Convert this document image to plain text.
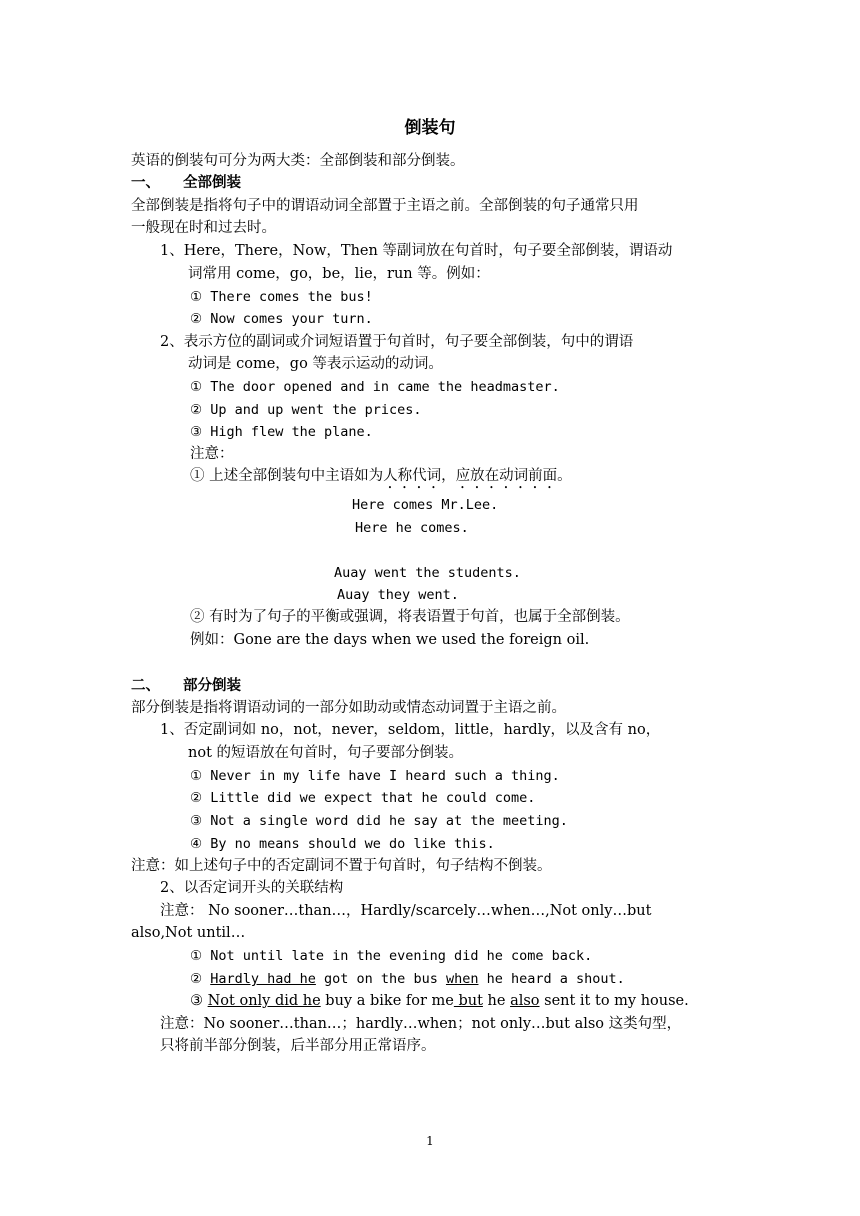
倒装句
英语的倒装句可分为两大类：全部倒装和部分倒装。
一、 全部倒装
全部倒装是指将句子中的谓语动词全部置于主语之前。全部倒装的句子通常只用
一般现在时和过去时。
1、Here，There，Now，Then 等副词放在句首时，句子要全部倒装，谓语动
词常用 come，go，be，lie，run 等。例如：
① There comes the bus!
② Now comes your turn.
2、表示方位的副词或介词短语置于句首时，句子要全部倒装，句中的谓语
动词是 come，go 等表示运动的动词。
① The door opened and in came the headmaster.
② Up and up went the prices.
③ High flew the plane.
注意：
① 上述全部倒装句中主语如为人称代词，应放在动词前面。
Here comes Mr.Lee.
Here he comes.
Auay went the students.
Auay they went.
② 有时为了句子的平衡或强调，将表语置于句首，也属于全部倒装。
例如：Gone are the days when we used the foreign oil.
二、 部分倒装
部分倒装是指将谓语动词的一部分如助动或情态动词置于主语之前。
1、否定副词如 no，not，never，seldom，little，hardly，以及含有 no，
not 的短语放在句首时，句子要部分倒装。
① Never in my life have I heard such a thing.
② Little did we expect that he could come.
③ Not a single word did he say at the meeting.
④ By no means should we do like this.
注意：如上述句子中的否定副词不置于句首时，句子结构不倒装。
2、以否定词开头的关联结构
注意： No sooner…than…，Hardly/scarcely…when…,Not only…but
also,Not until…
① Not until late in the evening did he come back.
② Hardly had he got on the bus when he heard a shout.
③ Not only did he buy a bike for me but he also sent it to my house.
注意：No sooner…than…；hardly…when；not only…but also 这类句型，
只将前半部分倒装，后半部分用正常语序。
1
